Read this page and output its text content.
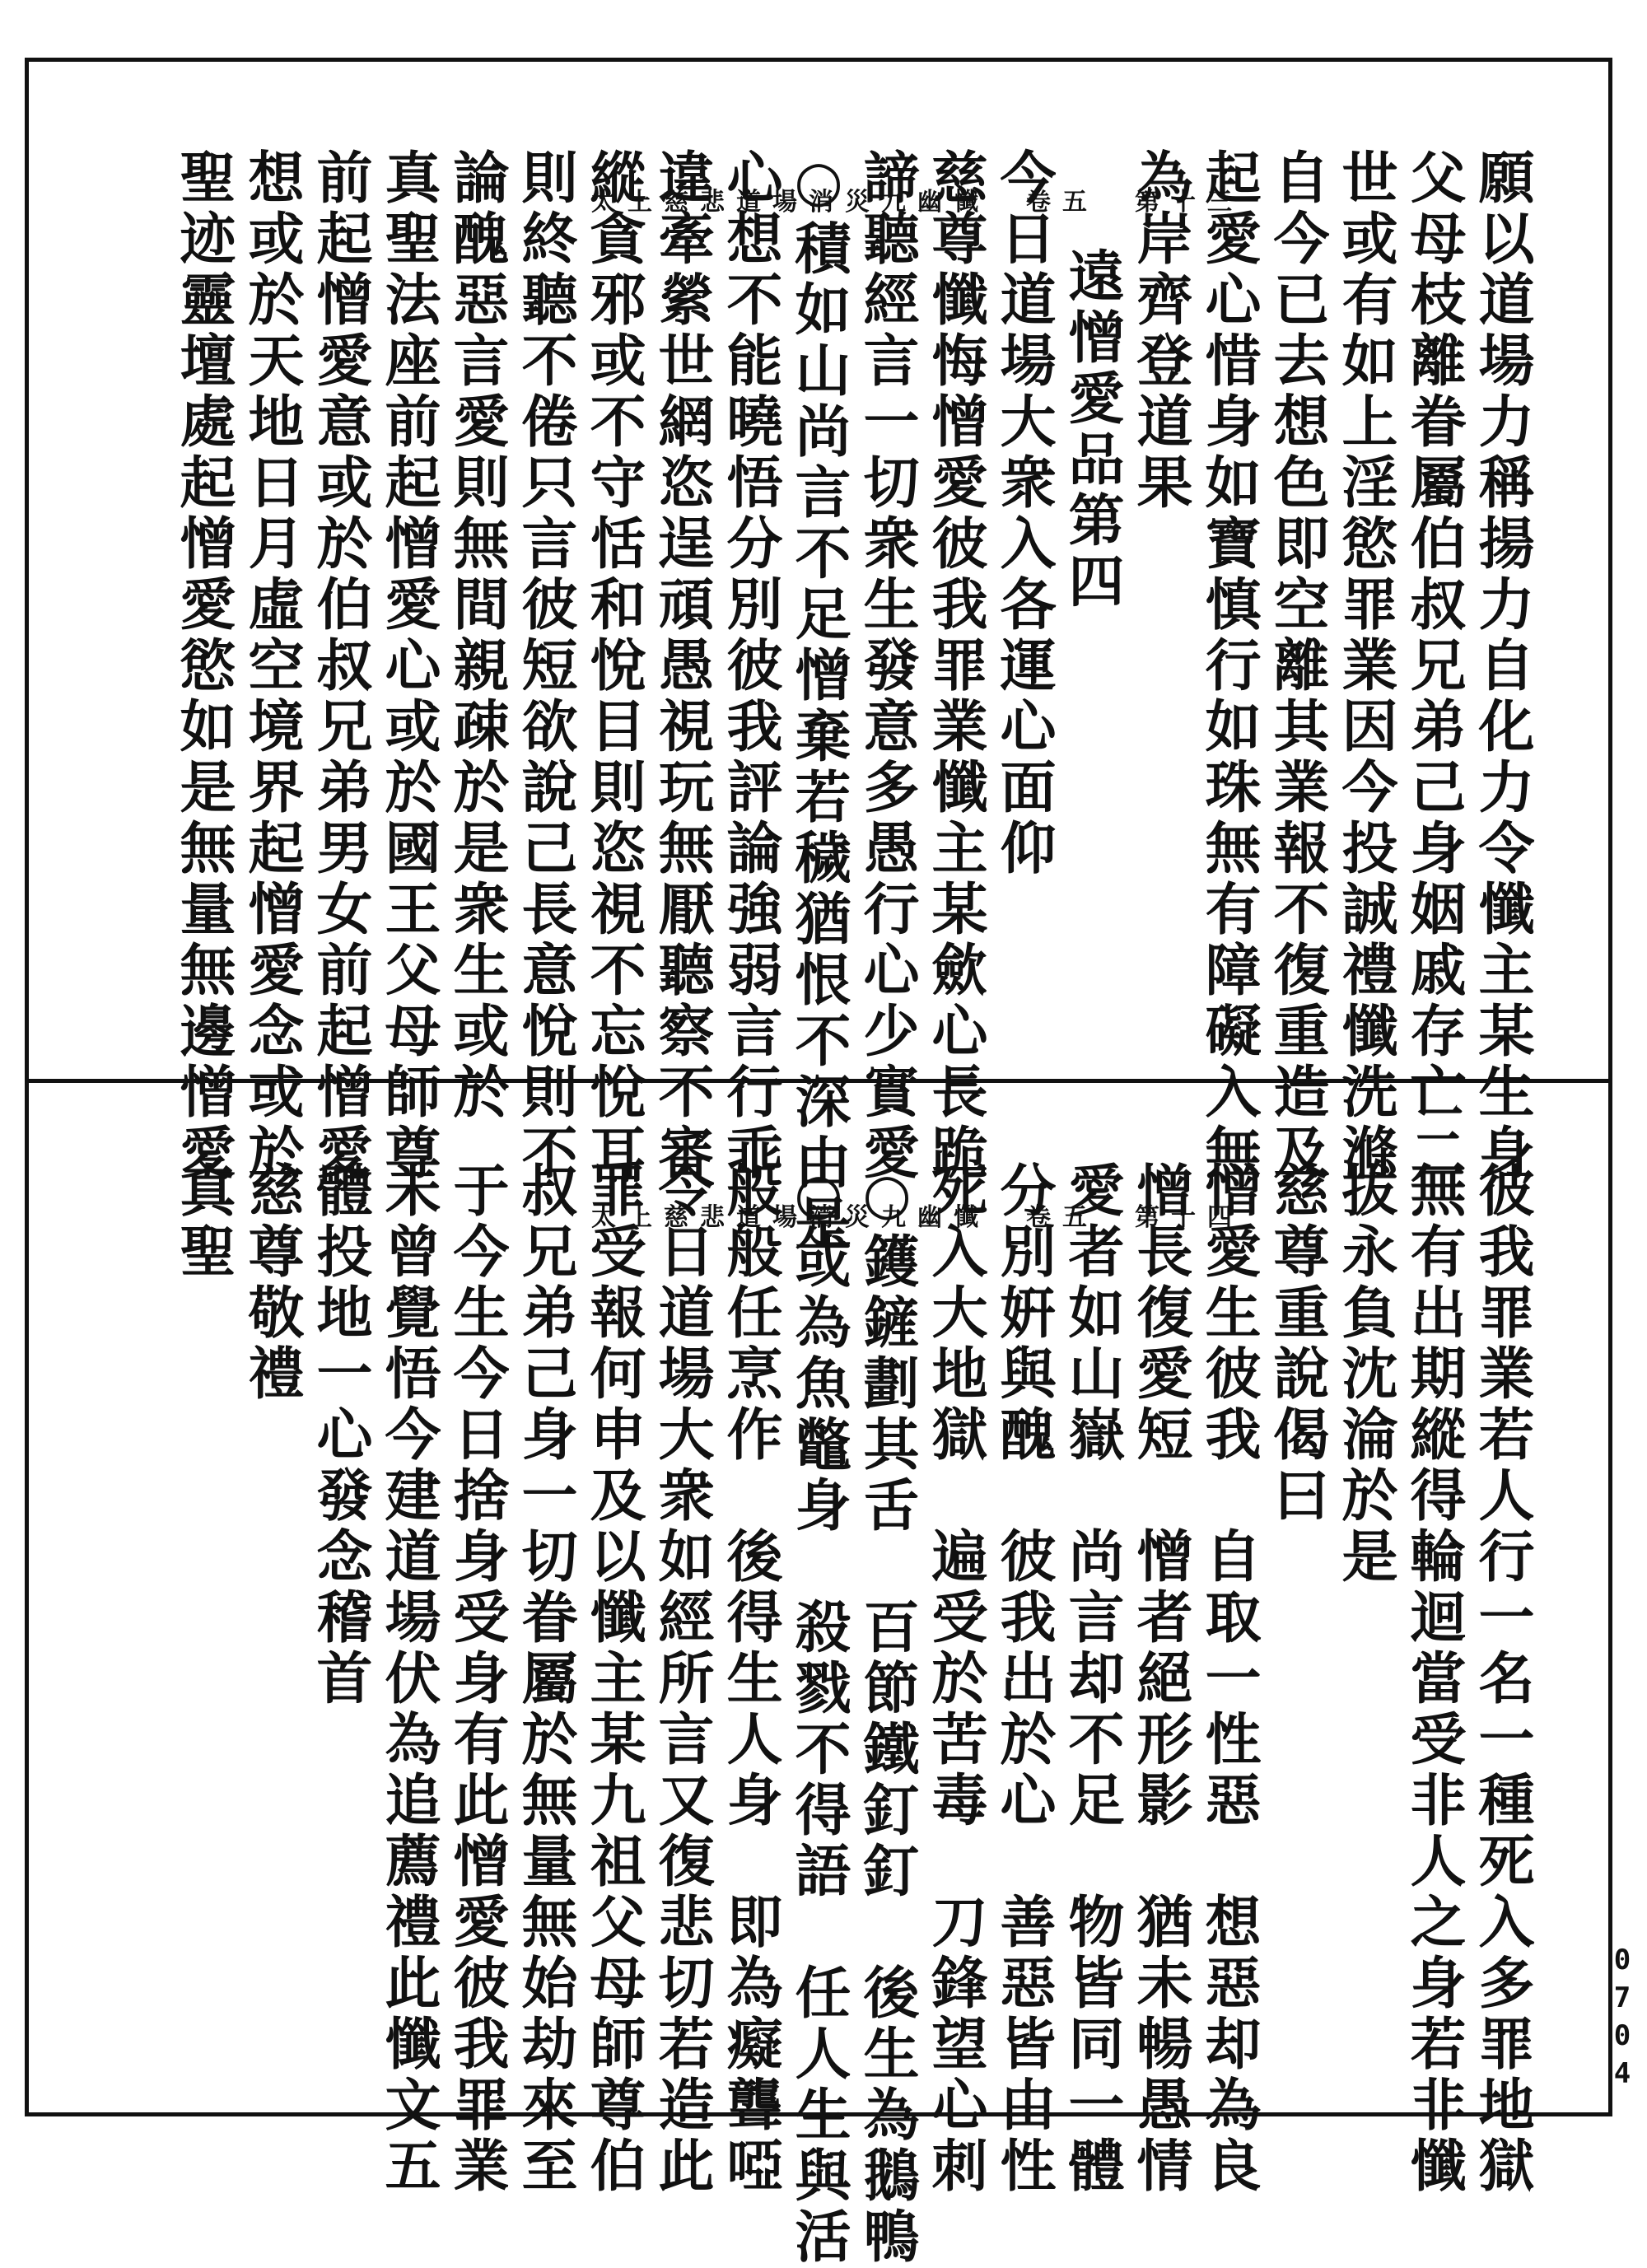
太上慈悲道場消災九幽懺　卷五　第十三
太上慈悲道場消災九幽懺　卷五　第十四
願以道場力稱揚力自化力令懺主某生身
父母枝離眷屬伯叔兄弟己身姻戚存亡二
世或有如上淫慾罪業因今投誠禮懺洗滌
自今已去想色即空離其業報不復重造及
起愛心惜身如寶慎行如珠無有障礙入無
為岸齊登道果
遠憎愛品第四
今日道場大衆入各運心面仰
慈尊懺悔憎愛彼我罪業懺主某歛心長跪
諦聽經言一切衆生發意多愚行心少實愛
○積如山尚言不足憎棄若穢猶恨不深由是
心想不能曉悟分別彼我評論強弱言行乖
違牽縈世網恣逞頑愚視玩無厭聽察不審
縱貪邪或不守恬和悅目則恣視不忘悅耳
則終聽不倦只言彼短欲說己長意悅則不
論醜惡言愛則無間親疎於是衆生或於
真聖法座前起憎愛心或於國王父母師尊
前起憎愛意或於伯叔兄弟男女前起憎愛
想或於天地日月虛空境界起憎愛念或於
聖迹靈壇處起憎愛慾如是無量無邊憎愛
彼我罪業若人行一名一種死入多罪地獄
無有出期縱得輪迴當受非人之身若非懺
拔永負沈淪於是
慈尊重說偈曰
憎愛生彼我　自取一性惡　想惡却為良
憎長復愛短　憎者絕形影　猶未暢愚情
愛者如山嶽　尚言却不足　物皆同一體
分別姸與醜　彼我出於心　善惡皆由性
死入大地獄　遍受於苦毒　刀鋒望心刺
○鑊鏟劃其舌　百節鐵釘釘　後生為鵝鴨
○或為魚鼈身　殺戮不得語　任人生與活
般般任烹作　後得生人身　即為癡聾啞
令日道場大衆如經所言又復悲切若造此
罪受報何申及以懺主某九祖父母師尊伯
叔兄弟己身一切眷屬於無量無始劫來至
于今生今日捨身受身有此憎愛彼我罪業
未曾覺悟今建道場伏為追薦禮此懺文五
體投地一心發念稽首
慈尊敬禮
真聖
0704
